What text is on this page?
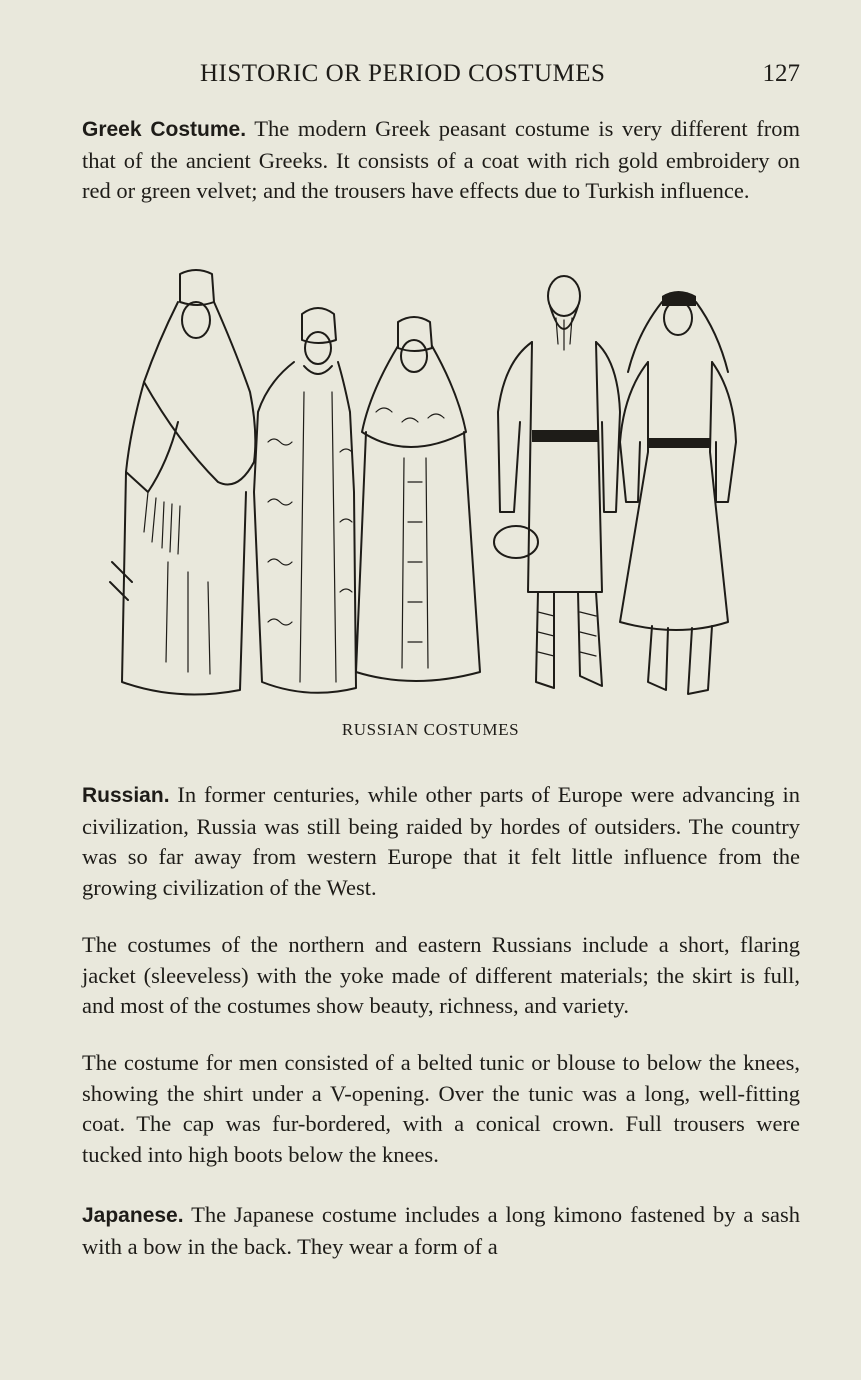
HISTORIC OR PERIOD COSTUMES	127

Greek Costume. The modern Greek peasant costume is very different from that of the ancient Greeks. It consists of a coat with rich gold embroidery on red or green velvet; and the trousers have effects due to Turkish influence.

RUSSIAN COSTUMES

Russian. In former centuries, while other parts of Europe were advancing in civilization, Russia was still being raided by hordes of outsiders. The country was so far away from western Europe that it felt little influence from the growing civilization of the West.

The costumes of the northern and eastern Russians include a short, flaring jacket (sleeveless) with the yoke made of different materials; the skirt is full, and most of the costumes show beauty, richness, and variety.

The costume for men consisted of a belted tunic or blouse to below the knees, showing the shirt under a V-opening. Over the tunic was a long, well-fitting coat. The cap was fur-bordered, with a conical crown. Full trousers were tucked into high boots below the knees.

Japanese. The Japanese costume includes a long kimono fastened by a sash with a bow in the back. They wear a form of a
